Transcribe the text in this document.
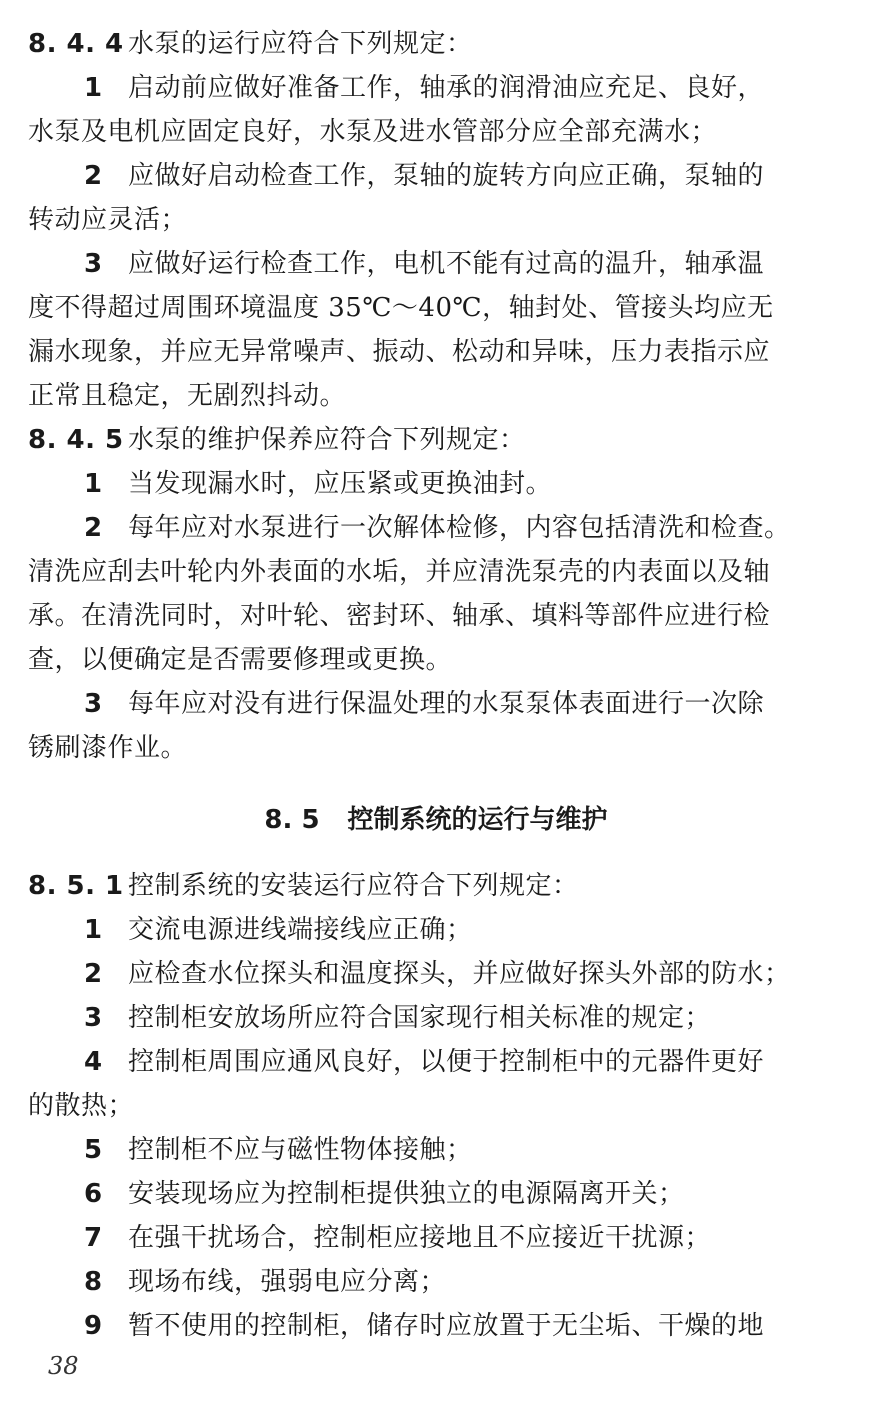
8. 4. 4 水泵的运行应符合下列规定：
1 启动前应做好准备工作，轴承的润滑油应充足、良好，
水泵及电机应固定良好，水泵及进水管部分应全部充满水；
2 应做好启动检查工作，泵轴的旋转方向应正确，泵轴的
转动应灵活；
3 应做好运行检查工作，电机不能有过高的温升，轴承温
度不得超过周围环境温度 35℃～40℃，轴封处、管接头均应无
漏水现象，并应无异常噪声、振动、松动和异味，压力表指示应
正常且稳定，无剧烈抖动。
8. 4. 5 水泵的维护保养应符合下列规定：
1 当发现漏水时，应压紧或更换油封。
2 每年应对水泵进行一次解体检修，内容包括清洗和检查。
清洗应刮去叶轮内外表面的水垢，并应清洗泵壳的内表面以及轴
承。在清洗同时，对叶轮、密封环、轴承、填料等部件应进行检
查，以便确定是否需要修理或更换。
3 每年应对没有进行保温处理的水泵泵体表面进行一次除
锈刷漆作业。
8. 5 控制系统的运行与维护
8. 5. 1 控制系统的安装运行应符合下列规定：
1 交流电源进线端接线应正确；
2 应检查水位探头和温度探头，并应做好探头外部的防水；
3 控制柜安放场所应符合国家现行相关标准的规定；
4 控制柜周围应通风良好，以便于控制柜中的元器件更好
的散热；
5 控制柜不应与磁性物体接触；
6 安装现场应为控制柜提供独立的电源隔离开关；
7 在强干扰场合，控制柜应接地且不应接近干扰源；
8 现场布线，强弱电应分离；
9 暂不使用的控制柜，储存时应放置于无尘垢、干燥的地
38
